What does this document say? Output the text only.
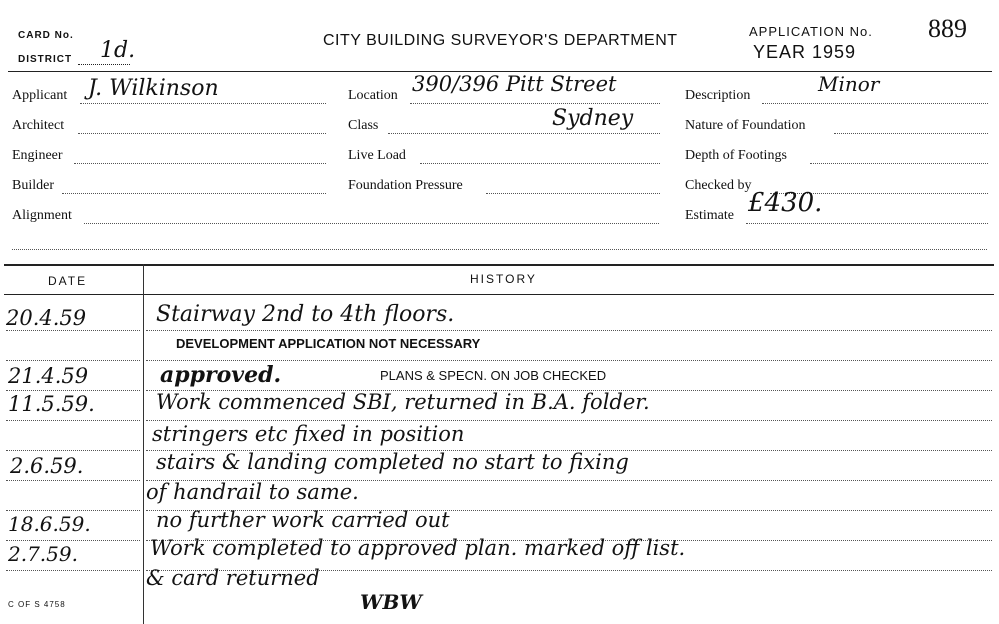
CARD No.
DISTRICT 1d.	CITY BUILDING SURVEYOR'S DEPARTMENT
APPLICATION No.
YEAR 1959
889
Applicant J. Wilkinson
Architect
Engineer
Builder
Alignment
Location 390/396 Pitt Street
Class	Sydney
Live Load
Foundation Pressure
Description	Minor
Nature of Foundation
Depth of Footings
Checked by
Estimate £430.
DATE	HISTORY
20.4.59	Stairway 2nd to 4th floors.
DEVELOPMENT APPLICATION NOT NECESSARY
21.4.59	approved.	PLANS & SPECN. ON JOB CHECKED
11.5.59.	Work commenced SBI, returned in B.A. folder.
stringers etc fixed in position
2.6.59.	stairs & landing completed no start to fixing
of handrail to same.
18.6.59.	no further work carried out
2.7.59.	Work completed to approved plan. marked off list.
& card returned
WBW
C OF S 4758
